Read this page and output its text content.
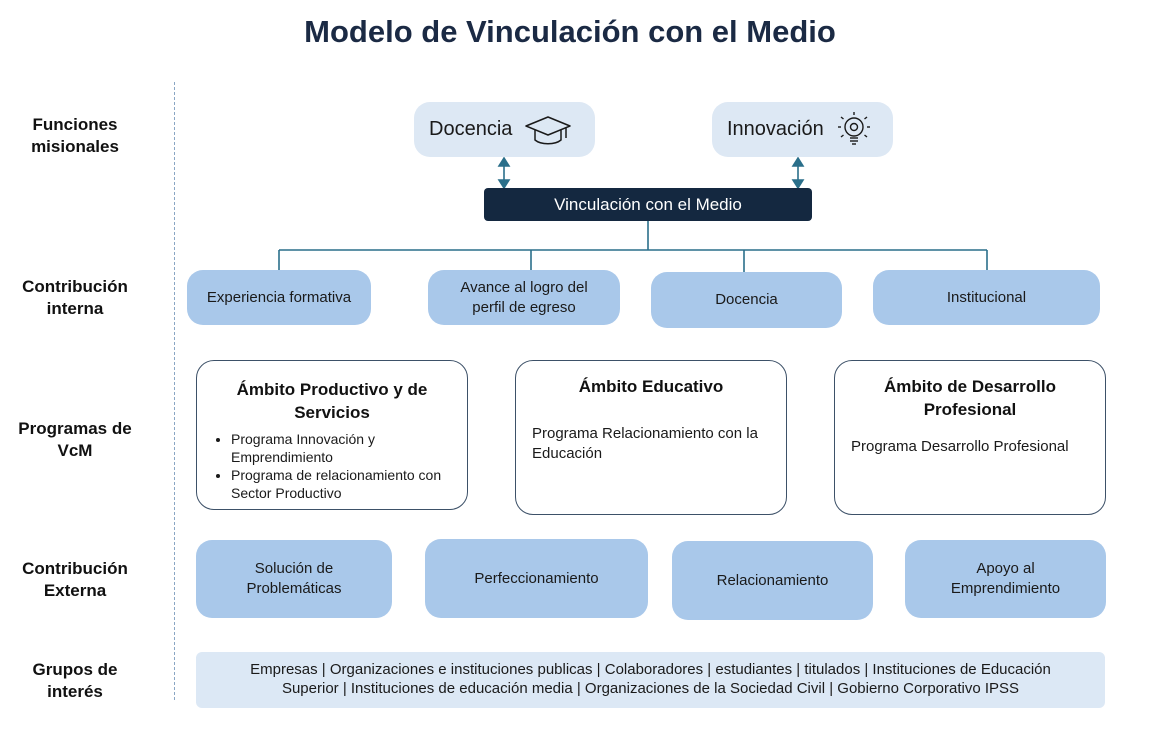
Modelo de Vinculación con el Medio
Funciones
misionales
Contribución
interna
Programas de
VcM
Contribución
Externa
Grupos de
interés
Docencia	Innovación
Vinculación con el Medio
Experiencia formativa
Avance al logro del
perfil de egreso	Docencia	Institucional
Ámbito Productivo y de
Servicios
• Programa Innovación y Emprendimiento
• Programa de relacionamiento con Sector Productivo
Ámbito Educativo
Programa Relacionamiento con la Educación
Ámbito de Desarrollo
Profesional
Programa Desarrollo Profesional
Solución de
Problemáticas
Perfeccionamiento	Relacionamiento
Apoyo al
Emprendimiento
Empresas | Organizaciones e instituciones publicas | Colaboradores | estudiantes | titulados | Instituciones de Educación
Superior | Instituciones de educación media | Organizaciones de la Sociedad Civil | Gobierno Corporativo IPSS
